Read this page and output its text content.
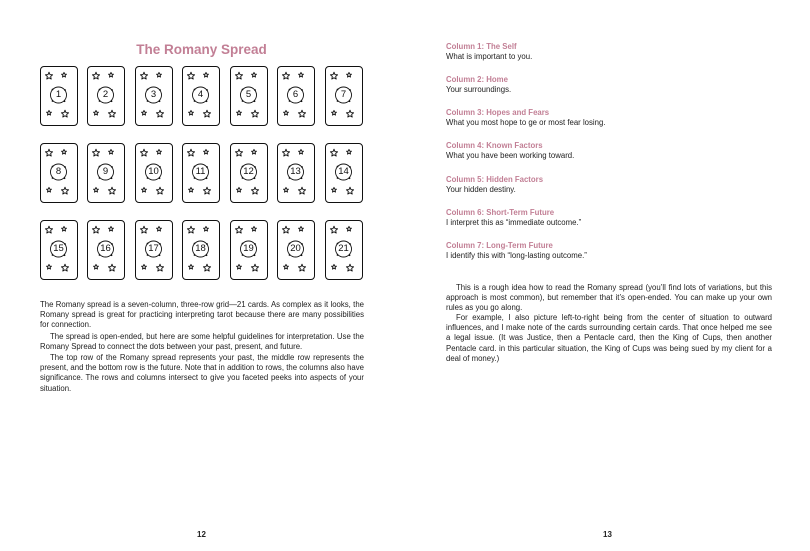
The Romany Spread
1	2	3	4	5	6	7
8	9	10	11	12	13	14
15	16	17	18	19	20	21

The Romany spread is a seven-column, three-row grid—21 cards. As complex as it looks, the Romany spread is great for practicing interpreting tarot because there are many possibilities for connection.

The spread is open-ended, but here are some helpful guidelines for interpretation. Use the Romany Spread to connect the dots between your past, present, and future.

The top row of the Romany spread represents your past, the middle row represents the present, and the bottom row is the future. Note that in addition to rows, the columns also have significance. The rows and columns intersect to give you faceted peeks into aspects of your situation.

12

Column 1: The Self

What is important to you.

Column 2: Home

Your surroundings.

Column 3: Hopes and Fears

What you most hope to ge or most fear losing.

Column 4: Known Factors

What you have been working toward.

Column 5: Hidden Factors

Your hidden destiny.

Column 6: Short-Term Future

I interpret this as “immediate outcome.”

Column 7: Long-Term Future

I identify this with “long-lasting outcome.”

This is a rough idea how to read the Romany spread (you’ll find lots of variations, but this approach is most common), but remember that it’s open-ended. You can make up your own rules as you go along.

For example, I also picture left-to-right being from the center of situation to outward influences, and I make note of the cards surrounding certain cards. That once helped me see a legal issue. (It was Justice, then a Pentacle card, then the King of Cups, then another Pentacle card. in this particular situation, the King of Cups was being sued by my client for a deal of money.)

13
